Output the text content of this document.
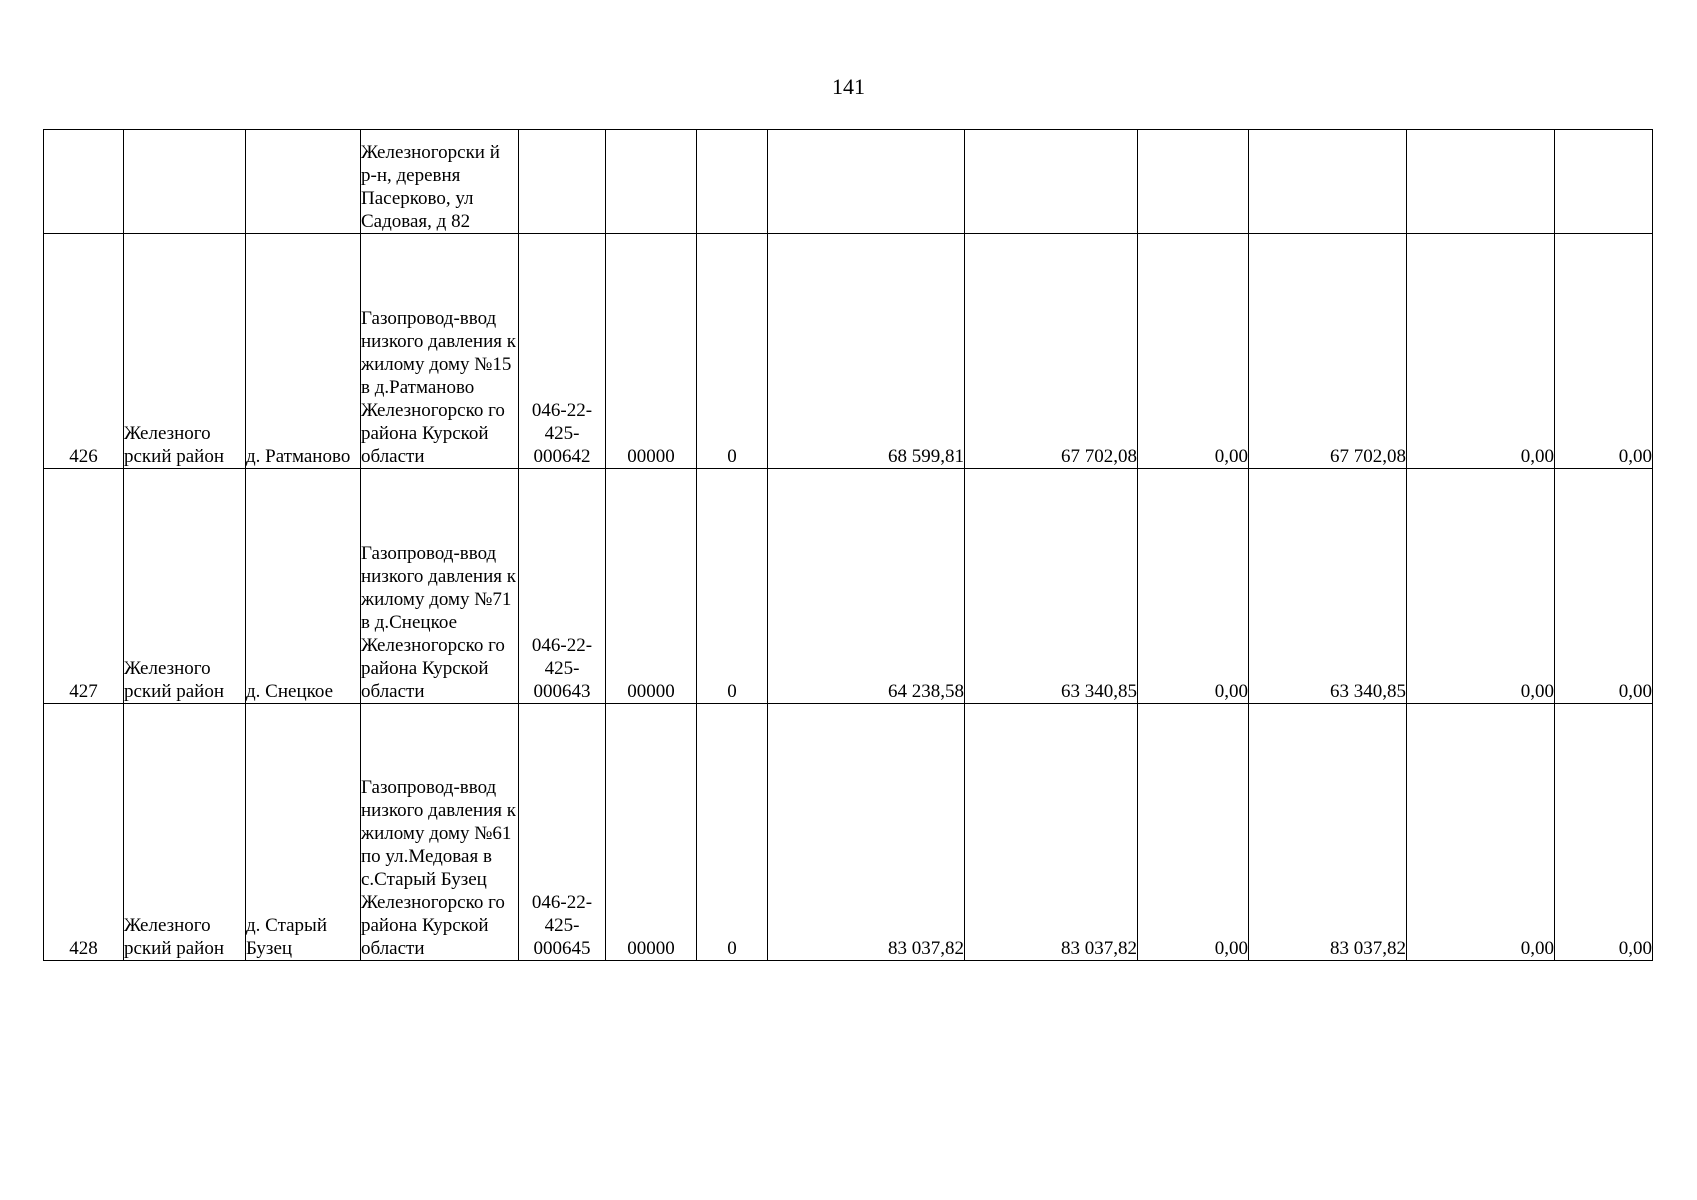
141
			Железногорски й р-н, деревня Пасерково, ул Садовая, д 82									
426	Железного рский район	д. Ратманово	Газопровод-ввод низкого давления к жилому дому №15 в д.Ратманово Железногорско го района Курской области	046-22-425-000642	00000	0	68 599,81	67 702,08	0,00	67 702,08	0,00	0,00
427	Железного рский район	д. Снецкое	Газопровод-ввод низкого давления к жилому дому №71 в д.Снецкое Железногорско го района Курской области	046-22-425-000643	00000	0	64 238,58	63 340,85	0,00	63 340,85	0,00	0,00
428	Железного рский район	д. Старый Бузец	Газопровод-ввод низкого давления к жилому дому №61 по ул.Медовая в с.Старый Бузец Железногорско го района Курской области	046-22-425-000645	00000	0	83 037,82	83 037,82	0,00	83 037,82	0,00	0,00
